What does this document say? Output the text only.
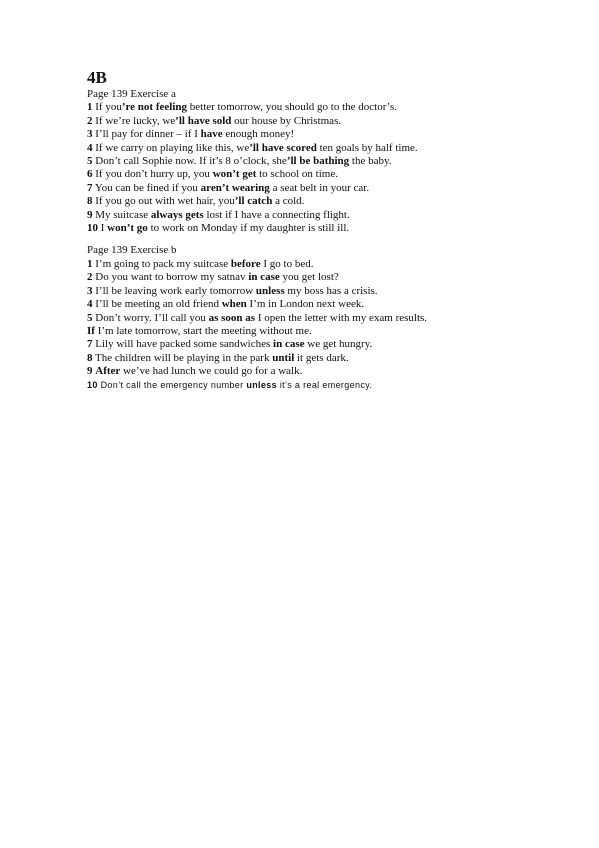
4B
Page 139 Exercise a
1 If you’re not feeling better tomorrow, you should go to the doctor’s.
2 If we’re lucky, we’ll have sold our house by Christmas.
3 I’ll pay for dinner – if I have enough money!
4 If we carry on playing like this, we’ll have scored ten goals by half time.
5 Don’t call Sophie now. If it’s 8 o’clock, she’ll be bathing the baby.
6 If you don’t hurry up, you won’t get to school on time.
7 You can be fined if you aren’t wearing a seat belt in your car.
8 If you go out with wet hair, you’ll catch a cold.
9 My suitcase always gets lost if I have a connecting flight.
10 I won’t go to work on Monday if my daughter is still ill.
Page 139 Exercise b
1 I’m going to pack my suitcase before I go to bed.
2 Do you want to borrow my satnav in case you get lost?
3 I’ll be leaving work early tomorrow unless my boss has a crisis.
4 I’ll be meeting an old friend when I’m in London next week.
5 Don’t worry. I’ll call you as soon as I open the letter with my exam results.
If I’m late tomorrow, start the meeting without me.
7 Lily will have packed some sandwiches in case we get hungry.
8 The children will be playing in the park until it gets dark.
9 After we’ve had lunch we could go for a walk.
10 Don’t call the emergency number unless it’s a real emergency.
